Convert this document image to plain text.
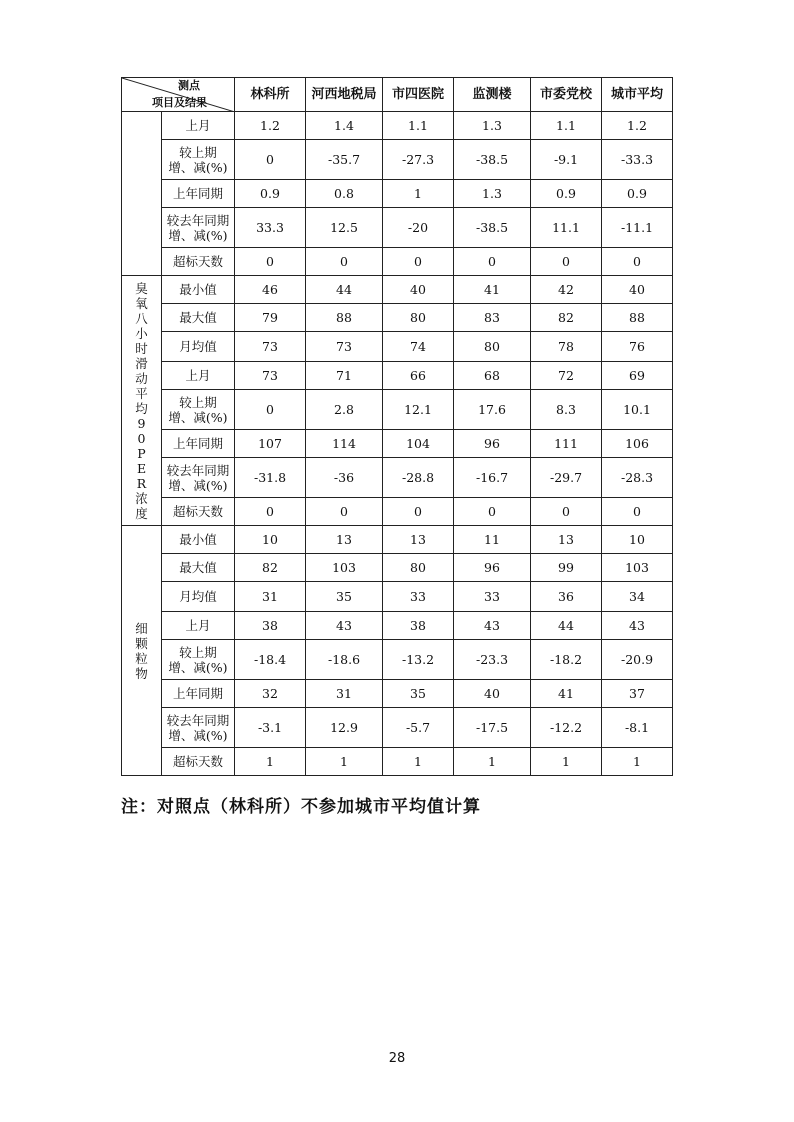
测点
项目及结果		林科所	河西地税局	市四医院	监测楼	市委党校	城市平均

	上月	1.2	1.4	1.1	1.3	1.1	1.2
	较上期
增、减(%)	0	-35.7	-27.3	-38.5	-9.1	-33.3
	上年同期	0.9	0.8	1	1.3	0.9	0.9
	较去年同期
增、减(%)	33.3	12.5	-20	-38.5	11.1	-11.1
	超标天数	0	0	0	0	0	0

臭氧八小时滑动平均90PER浓度	最小值	46	44	40	41	42	40
	最大值	79	88	80	83	82	88
	月均值	73	73	74	80	78	76
	上月	73	71	66	68	72	69
	较上期
增、减(%)	0	2.8	12.1	17.6	8.3	10.1
	上年同期	107	114	104	96	111	106
	较去年同期
增、减(%)	-31.8	-36	-28.8	-16.7	-29.7	-28.3
	超标天数	0	0	0	0	0	0

细颗粒物	最小值	10	13	13	11	13	10
	最大值	82	103	80	96	99	103
	月均值	31	35	33	33	36	34
	上月	38	43	38	43	44	43
	较上期
增、减(%)	-18.4	-18.6	-13.2	-23.3	-18.2	-20.9
	上年同期	32	31	35	40	41	37
	较去年同期
增、减(%)	-3.1	12.9	-5.7	-17.5	-12.2	-8.1
	超标天数	1	1	1	1	1	1
注：对照点（林科所）不参加城市平均值计算
28
